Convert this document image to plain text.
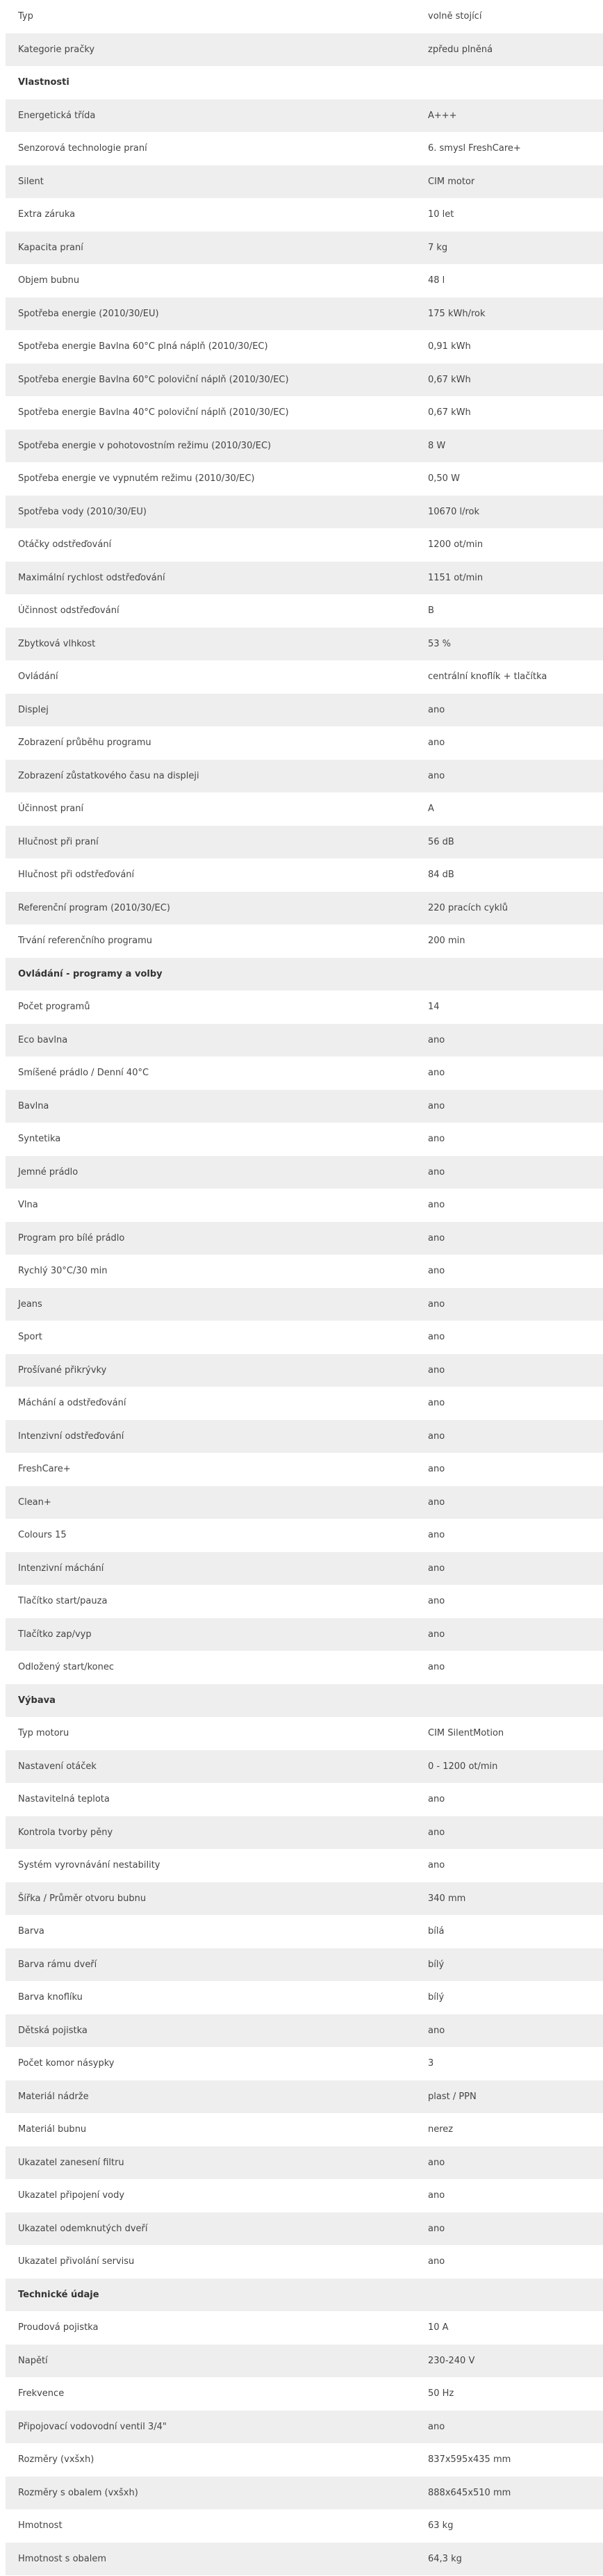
Typ	volně stojící
Kategorie pračky	zpředu plněná
Vlastnosti	
Energetická třída	A+++
Senzorová technologie praní	6. smysl FreshCare+
Silent	CIM motor
Extra záruka	10 let
Kapacita praní	7 kg
Objem bubnu	48 l
Spotřeba energie (2010/30/EU)	175 kWh/rok
Spotřeba energie Bavlna 60°C plná náplň (2010/30/EC)	0,91 kWh
Spotřeba energie Bavlna 60°C poloviční náplň (2010/30/EC)	0,67 kWh
Spotřeba energie Bavlna 40°C poloviční náplň (2010/30/EC)	0,67 kWh
Spotřeba energie v pohotovostním režimu (2010/30/EC)	8 W
Spotřeba energie ve vypnutém režimu (2010/30/EC)	0,50 W
Spotřeba vody (2010/30/EU)	10670 l/rok
Otáčky odstřeďování	1200 ot/min
Maximální rychlost odstřeďování	1151 ot/min
Účinnost odstřeďování	B
Zbytková vlhkost	53 %
Ovládání	centrální knoflík + tlačítka
Displej	ano
Zobrazení průběhu programu	ano
Zobrazení zůstatkového času na displeji	ano
Účinnost praní	A
Hlučnost při praní	56 dB
Hlučnost při odstřeďování	84 dB
Referenční program (2010/30/EC)	220 pracích cyklů
Trvání referenčního programu	200 min
Ovládání - programy a volby	
Počet programů	14
Eco bavlna	ano
Smíšené prádlo / Denní 40°C	ano
Bavlna	ano
Syntetika	ano
Jemné prádlo	ano
Vlna	ano
Program pro bílé prádlo	ano
Rychlý 30°C/30 min	ano
Jeans	ano
Sport	ano
Prošívané přikrývky	ano
Máchání a odstřeďování	ano
Intenzivní odstřeďování	ano
FreshCare+	ano
Clean+	ano
Colours 15	ano
Intenzivní máchání	ano
Tlačítko start/pauza	ano
Tlačítko zap/vyp	ano
Odložený start/konec	ano
Výbava	
Typ motoru	CIM SilentMotion
Nastavení otáček	0 - 1200 ot/min
Nastavitelná teplota	ano
Kontrola tvorby pěny	ano
Systém vyrovnávání nestability	ano
Šířka / Průměr otvoru bubnu	340 mm
Barva	bílá
Barva rámu dveří	bílý
Barva knoflíku	bílý
Dětská pojistka	ano
Počet komor násypky	3
Materiál nádrže	plast / PPN
Materiál bubnu	nerez
Ukazatel zanesení filtru	ano
Ukazatel připojení vody	ano
Ukazatel odemknutých dveří	ano
Ukazatel přivolání servisu	ano
Technické údaje	
Proudová pojistka	10 A
Napětí	230-240 V
Frekvence	50 Hz
Připojovací vodovodní ventil 3/4"	ano
Rozměry (vxšxh)	837x595x435 mm
Rozměry s obalem (vxšxh)	888x645x510 mm
Hmotnost	63 kg
Hmotnost s obalem	64,3 kg
